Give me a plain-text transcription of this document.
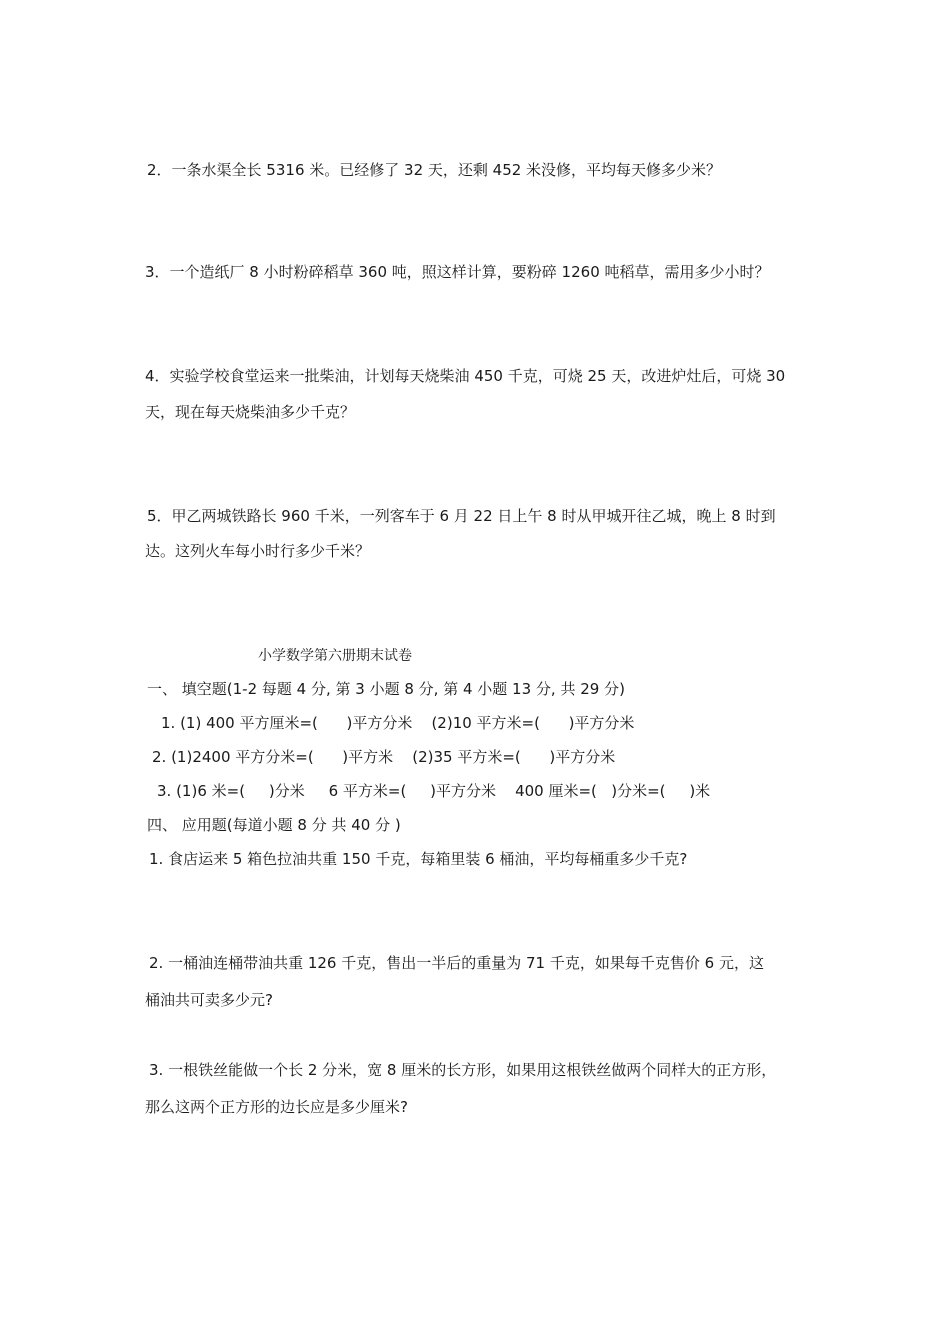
2．一条水渠全长 5316 米。已经修了 32 天，还剩 452 米没修，平均每天修多少米？
3．一个造纸厂 8 小时粉碎稻草 360 吨，照这样计算，要粉碎 1260 吨稻草，需用多少小时？
4．实验学校食堂运来一批柴油，计划每天烧柴油 450 千克，可烧 25 天，改进炉灶后，可烧 30
天，现在每天烧柴油多少千克？
5．甲乙两城铁路长 960 千米，一列客车于 6 月 22 日上午 8 时从甲城开往乙城，晚上 8 时到
达。这列火车每小时行多少千米？
小学数学第六册期末试卷
一、 填空题(1-2 每题 4 分, 第 3 小题 8 分, 第 4 小题 13 分, 共 29 分)
1. (1) 400 平方厘米=(      )平方分米    (2)10 平方米=(      )平方分米
2. (1)2400 平方分米=(      )平方米    (2)35 平方米=(      )平方分米
3. (1)6 米=(     )分米     6 平方米=(     )平方分米    400 厘米=(   )分米=(     )米
四、 应用题(每道小题 8 分 共 40 分 )
1. 食店运来 5 箱色拉油共重 150 千克，每箱里装 6 桶油，平均每桶重多少千克?
2. 一桶油连桶带油共重 126 千克，售出一半后的重量为 71 千克，如果每千克售价 6 元，这
桶油共可卖多少元?
3. 一根铁丝能做一个长 2 分米，宽 8 厘米的长方形，如果用这根铁丝做两个同样大的正方形，
那么这两个正方形的边长应是多少厘米?
